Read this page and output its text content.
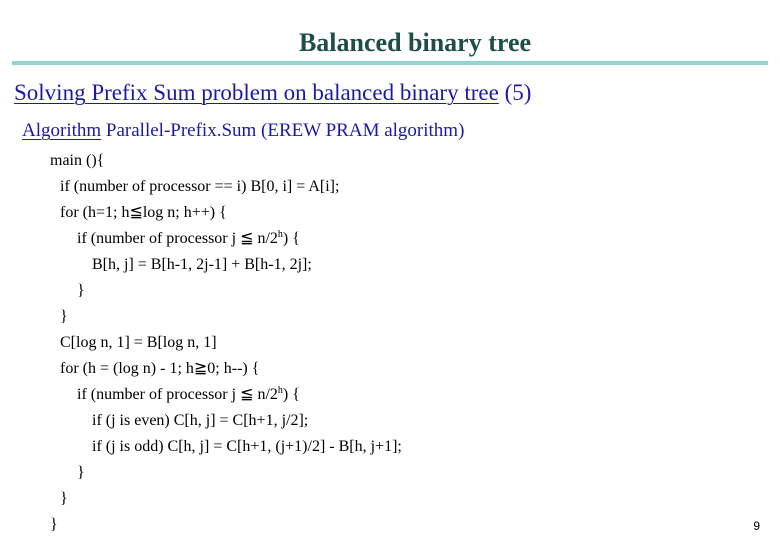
Balanced binary tree
Solving Prefix Sum problem on balanced binary tree (5)
Algorithm Parallel-Prefix.Sum (EREW PRAM algorithm)
main (){
if (number of processor == i) B[0, i] = A[i];
for (h=1; h≦log n; h++) {
if (number of processor j ≦ n/2$^h$) {
B[h, j] = B[h-1, 2j-1] + B[h-1, 2j];
}
}
C[log n, 1] = B[log n, 1]
for (h = (log n) - 1; h≧0; h--) {
if (number of processor j ≦ n/2$^h$) {
if (j is even) C[h, j] = C[h+1, j/2];
if (j is odd) C[h, j] = C[h+1, (j+1)/2] - B[h, j+1];
}
}
}	9
